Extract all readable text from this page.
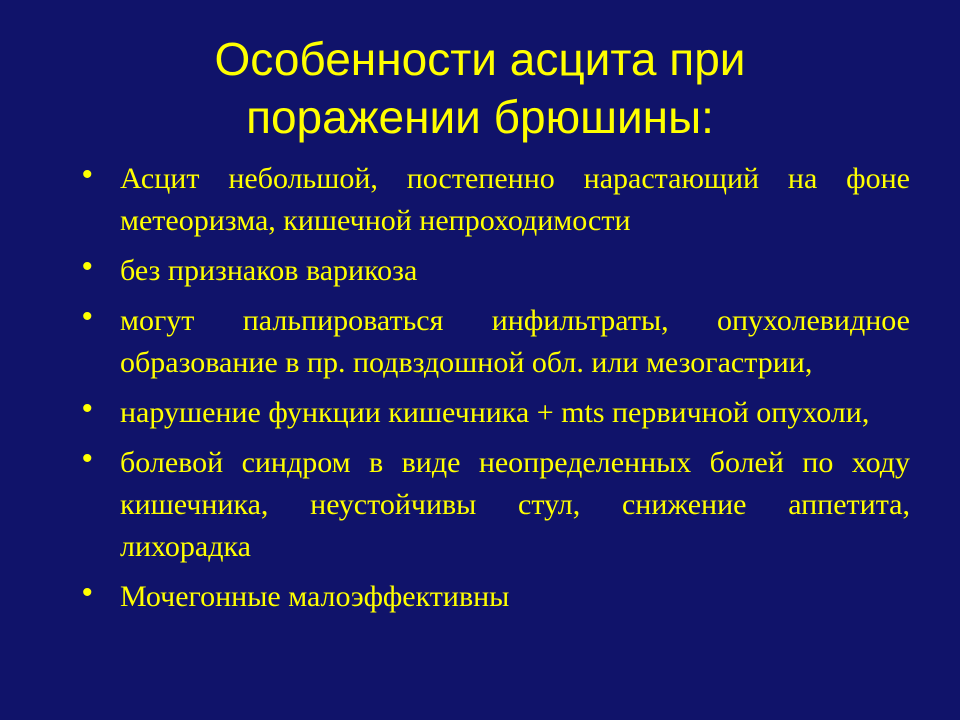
Особенности асцита при
поражении брюшины:
• Асцит небольшой, постепенно нарастающий на фоне метеоризма, кишечной непроходимости
• без признаков варикоза
• могут пальпироваться инфильтраты, опухолевидное образование в пр. подвздошной обл. или мезогастрии,
• нарушение функции кишечника + mts первичной опухоли,
• болевой синдром в виде неопределенных болей по ходу кишечника, неустойчивы стул, снижение аппетита, лихорадка
• Мочегонные малоэффективны
